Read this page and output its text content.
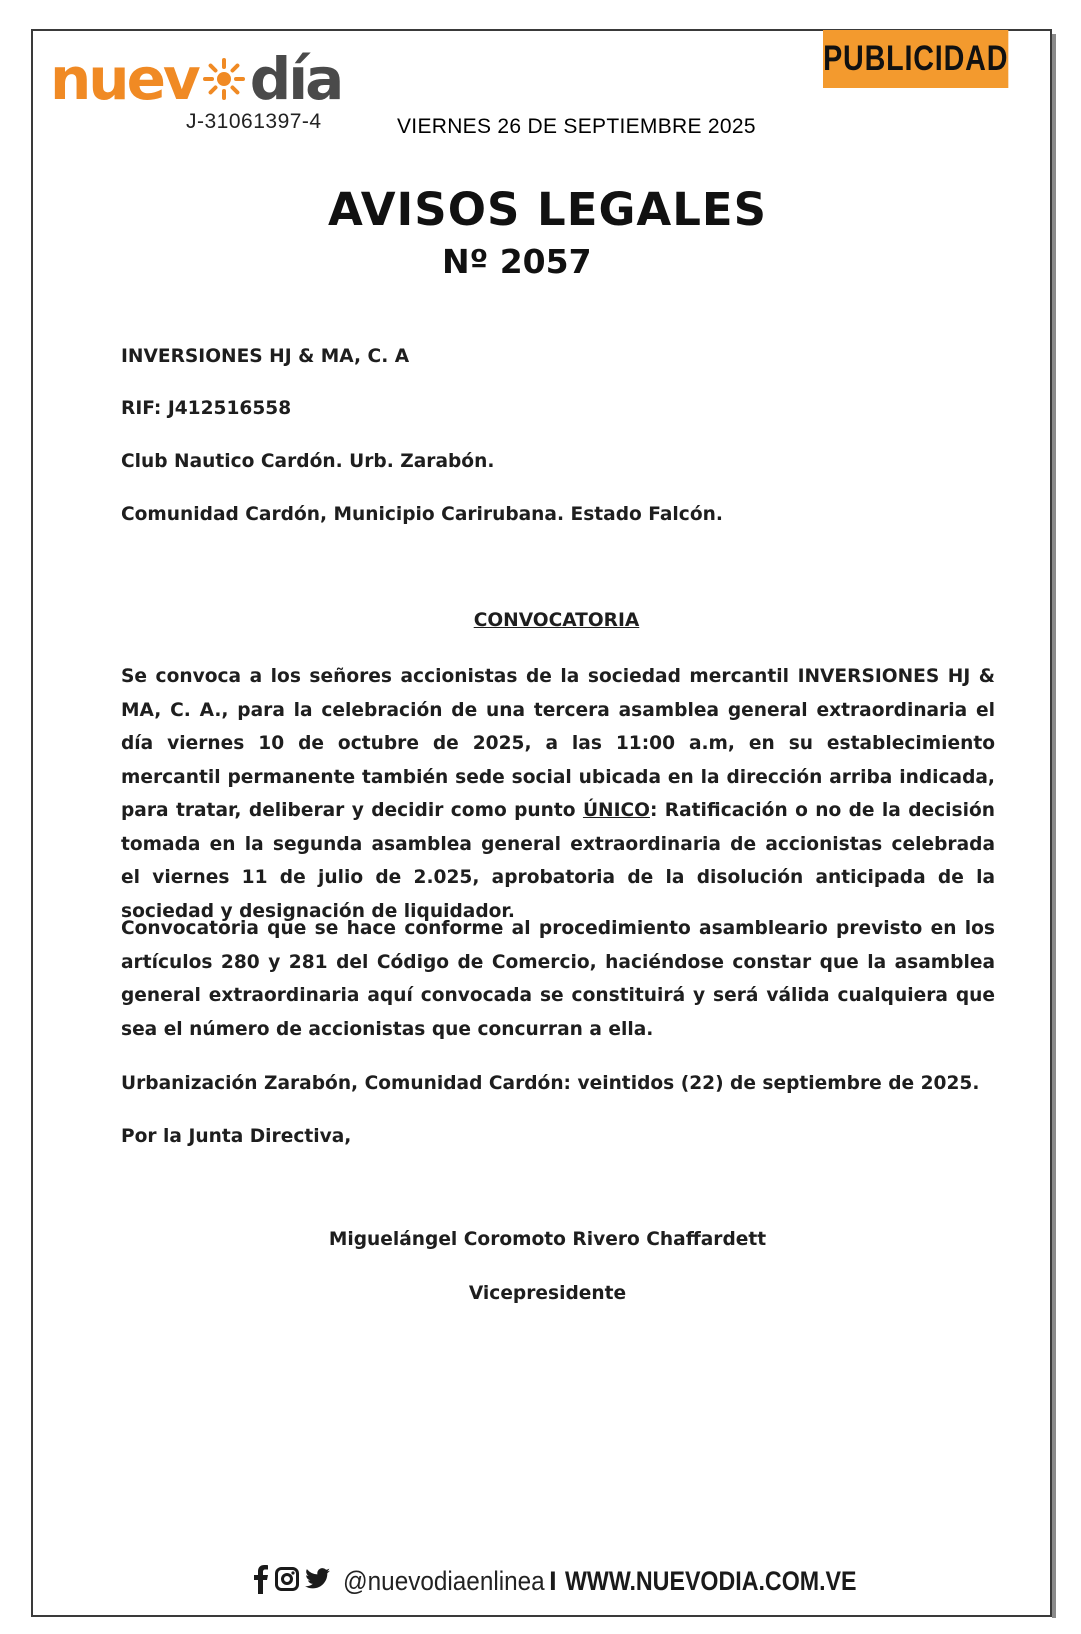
nuev día
J-31061397-4	VIERNES 26 DE SEPTIEMBRE 2025
PUBLICIDAD
AVISOS LEGALES
Nº 2057
INVERSIONES HJ & MA, C. A
RIF: J412516558
Club Nautico Cardón. Urb. Zarabón.
Comunidad Cardón, Municipio Carirubana. Estado Falcón.
CONVOCATORIA
Se convoca a los señores accionistas de la sociedad mercantil INVERSIONES HJ & MA, C. A., para la celebración de una tercera asamblea general extraordinaria el día viernes 10 de octubre de 2025, a las 11:00 a.m, en su establecimiento mercantil permanente también sede social ubicada en la dirección arriba indicada, para tratar, deliberar y decidir como punto ÚNICO: Ratificación o no de la decisión tomada en la segunda asamblea general extraordinaria de accionistas celebrada el viernes 11 de julio de 2.025, aprobatoria de la disolución anticipada de la sociedad y designación de liquidador.
Convocatoria que se hace conforme al procedimiento asambleario previsto en los artículos 280 y 281 del Código de Comercio, haciéndose constar que la asamblea general extraordinaria aquí convocada se constituirá y será válida cualquiera que sea el número de accionistas que concurran a ella.
Urbanización Zarabón, Comunidad Cardón: veintidos (22) de septiembre de 2025.
Por la Junta Directiva,
Miguelángel Coromoto Rivero Chaffardett
Vicepresidente
@nuevodiaenlinea I WWW.NUEVODIA.COM.VE
